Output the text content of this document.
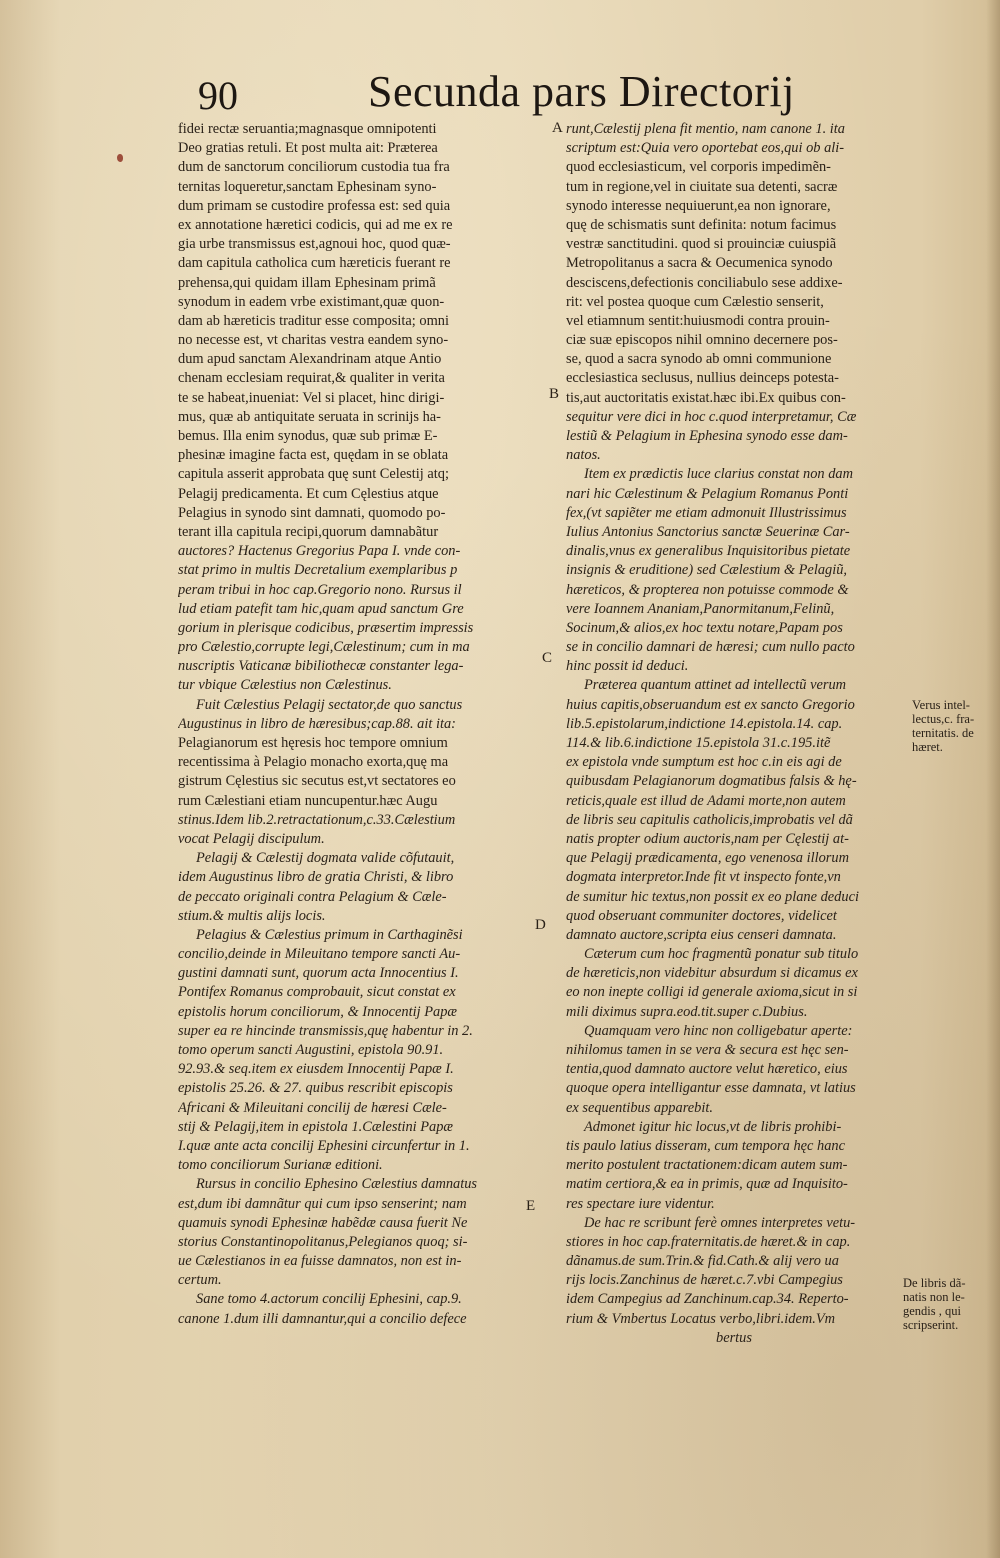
90	Secunda pars Directorij
fidei rectæ seruantia;magnasque omnipotenti
Deo gratias retuli. Et post multa ait: Præterea
dum de sanctorum conciliorum custodia tua fra
ternitas loqueretur,sanctam Ephesinam syno-
dum primam se custodire professa est: sed quia
ex annotatione hæretici codicis, qui ad me ex re
gia urbe transmissus est,agnoui hoc, quod quæ-
dam capitula catholica cum hæreticis fuerant re
prehensa,qui quidam illam Ephesinam primã
synodum in eadem vrbe existimant,quæ quon-
dam ab hæreticis traditur esse composita; omni
no necesse est, vt charitas vestra eandem syno-
dum apud sanctam Alexandrinam atque Antio
chenam ecclesiam requirat,& qualiter in verita
te se habeat,inueniat: Vel si placet, hinc dirigi-
mus, quæ ab antiquitate seruata in scrinijs ha-
bemus. Illa enim synodus, quæ sub primæ E-
phesinæ imagine facta est, quędam in se oblata
capitula asserit approbata quę sunt Celestij atq;
Pelagij predicamenta. Et cum Cęlestius atque
Pelagius in synodo sint damnati, quomodo po-
terant illa capitula recipi,quorum damnabãtur
auctores? Hactenus Gregorius Papa I. vnde con-
stat primo in multis Decretalium exemplaribus p
peram tribui in hoc cap.Gregorio nono. Rursus il
lud etiam patefit tam hic,quam apud sanctum Gre
gorium in plerisque codicibus, præsertim impressis
pro Cælestio,corrupte legi,Cælestinum; cum in ma
nuscriptis Vaticanæ bibiliothecæ constanter lega-
tur vbique Cælestius non Cælestinus.
Fuit Cælestius Pelagij sectator,de quo sanctus
Augustinus in libro de hæresibus;cap.88. ait ita:
Pelagianorum est hęresis hoc tempore omnium
recentissima à Pelagio monacho exorta,quę ma
gistrum Cęlestius sic secutus est,vt sectatores eo
rum Cælestiani etiam nuncupentur.hæc Augu
stinus.Idem lib.2.retractationum,c.33.Cælestium
vocat Pelagij discipulum.
Pelagij & Cælestij dogmata valide cõfutauit,
idem Augustinus libro de gratia Christi, & libro
de peccato originali contra Pelagium & Cæle-
stium.& multis alijs locis.
Pelagius & Cælestius primum in Carthaginẽsi
concilio,deinde in Mileuitano tempore sancti Au-
gustini damnati sunt, quorum acta Innocentius I.
Pontifex Romanus comprobauit, sicut constat ex
epistolis horum conciliorum, & Innocentij Papæ
super ea re hincinde transmissis,quę habentur in 2.
tomo operum sancti Augustini, epistola 90.91.
92.93.& seq.item ex eiusdem Innocentij Papæ I.
epistolis 25.26. & 27. quibus rescribit episcopis
Africani & Mileuitani concilij de hæresi Cæle-
stij & Pelagij,item in epistola 1.Cælestini Papæ
I.quæ ante acta concilij Ephesini circunfertur in 1.
tomo conciliorum Surianæ editioni.
Rursus in concilio Ephesino Cælestius damnatus
est,dum ibi damnãtur qui cum ipso senserint; nam
quamuis synodi Ephesinæ habẽdæ causa fuerit Ne
storius Constantinopolitanus,Pelegianos quoq; si-
ue Cælestianos in ea fuisse damnatos, non est in-
certum.
Sane tomo 4.actorum concilij Ephesini, cap.9.
canone 1.dum illi damnantur,qui a concilio defece
runt,Cælestij plena fit mentio, nam canone 1. ita
scriptum est:Quia vero oportebat eos,qui ob ali-
quod ecclesiasticum, vel corporis impedimẽn-
tum in regione,vel in ciuitate sua detenti, sacræ
synodo interesse nequiuerunt,ea non ignorare,
quę de schismatis sunt definita: notum facimus
vestræ sanctitudini. quod si prouinciæ cuiuspiã
Metropolitanus a sacra & Oecumenica synodo
desciscens,defectionis conciliabulo sese addixe-
rit: vel postea quoque cum Cælestio senserit,
vel etiamnum sentit:huiusmodi contra prouin-
ciæ suæ episcopos nihil omnino decernere pos-
se, quod a sacra synodo ab omni communione
ecclesiastica seclusus, nullius deinceps potesta-
tis,aut auctoritatis existat.hæc ibi.Ex quibus con-
sequitur vere dici in hoc c.quod interpretamur, Cæ
lestiũ & Pelagium in Ephesina synodo esse dam-
natos.
Item ex prædictis luce clarius constat non dam
nari hic Cælestinum & Pelagium Romanus Ponti
fex,(vt sapiẽter me etiam admonuit Illustrissimus
Iulius Antonius Sanctorius sanctæ Seuerinæ Car-
dinalis,vnus ex generalibus Inquisitoribus pietate
insignis & eruditione) sed Cælestium & Pelagiũ,
hæreticos, & propterea non potuisse commode &
vere Ioannem Ananiam,Panormitanum,Felinũ,
Socinum,& alios,ex hoc textu notare,Papam pos
se in concilio damnari de hæresi; cum nullo pacto
hinc possit id deduci.
Præterea quantum attinet ad intellectũ verum
huius capitis,obseruandum est ex sancto Gregorio
lib.5.epistolarum,indictione 14.epistola.14. cap.
114.& lib.6.indictione 15.epistola 31.c.195.itẽ
ex epistola vnde sumptum est hoc c.in eis agi de
quibusdam Pelagianorum dogmatibus falsis & hę-
reticis,quale est illud de Adami morte,non autem
de libris seu capitulis catholicis,improbatis vel dã
natis propter odium auctoris,nam per Cęlestij at-
que Pelagij prædicamenta, ego venenosa illorum
dogmata interpretor.Inde fit vt inspecto fonte,vn
de sumitur hic textus,non possit ex eo plane deduci
quod obseruant communiter doctores, videlicet
damnato auctore,scripta eius censeri damnata.
Cæterum cum hoc fragmentũ ponatur sub titulo
de hæreticis,non videbitur absurdum si dicamus ex
eo non inepte colligi id generale axioma,sicut in si
mili diximus supra.eod.tit.super c.Dubius.
Quamquam vero hinc non colligebatur aperte:
nihilomus tamen in se vera & secura est hęc sen-
tentia,quod damnato auctore velut hæretico, eius
quoque opera intelligantur esse damnata, vt latius
ex sequentibus apparebit.
Admonet igitur hic locus,vt de libris prohibi-
tis paulo latius disseram, cum tempora hęc hanc
merito postulent tractationem:dicam autem sum-
matim certiora,& ea in primis, quæ ad Inquisito-
res spectare iure videntur.
De hac re scribunt ferè omnes interpretes vetu-
stiores in hoc cap.fraternitatis.de hæret.& in cap.
dãnamus.de sum.Trin.& fid.Cath.& alij vero ua
rijs locis.Zanchinus de hæret.c.7.vbi Campegius
idem Campegius ad Zanchinum.cap.34. Reperto-
rium & Vmbertus Locatus verbo,libri.idem.Vm
bertus
A
B
C
D
E
Verus intel-
lectus,c. fra-
ternitatis. de
hæret.
De libris dã-
natis non le-
gendis , qui
scripserint.
